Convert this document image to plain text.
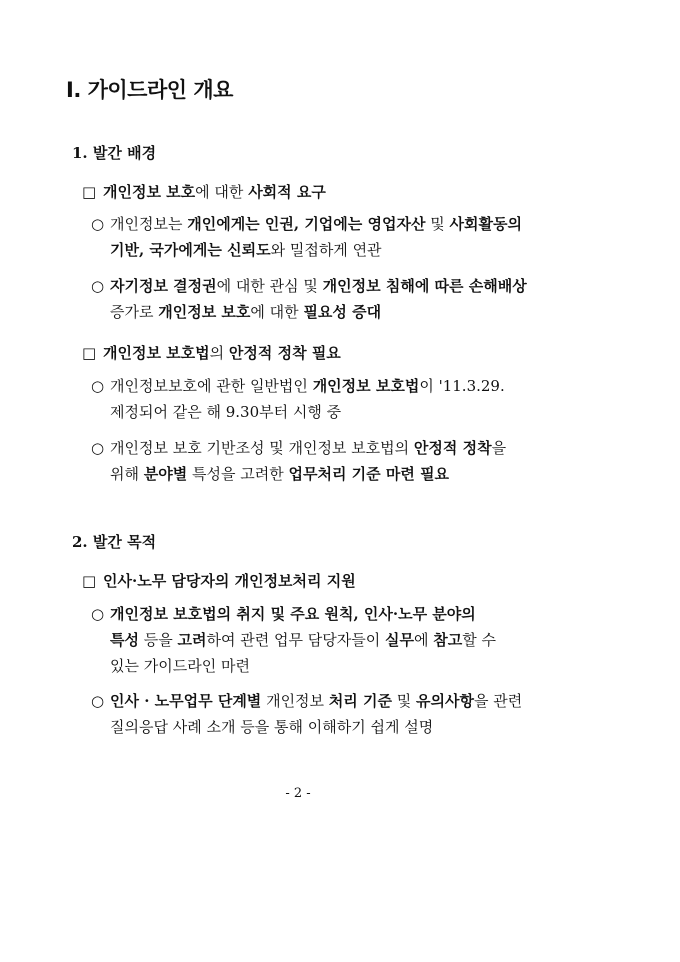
Ⅰ. 가이드라인 개요
1. 발간 배경
□ 개인정보 보호에 대한 사회적 요구
○ 개인정보는 개인에게는 인권, 기업에는 영업자산 및 사회활동의
기반, 국가에게는 신뢰도와 밀접하게 연관
○ 자기정보 결정권에 대한 관심 및 개인정보 침해에 따른 손해배상
증가로 개인정보 보호에 대한 필요성 증대
□ 개인정보 보호법의 안정적 정착 필요
○ 개인정보보호에 관한 일반법인 개인정보 보호법이 '11.3.29.
제정되어 같은 해 9.30부터 시행 중
○ 개인정보 보호 기반조성 및 개인정보 보호법의 안정적 정착을
위해 분야별 특성을 고려한 업무처리 기준 마련 필요
2. 발간 목적
□ 인사·노무 담당자의 개인정보처리 지원
○ 개인정보 보호법의 취지 및 주요 원칙, 인사·노무 분야의
특성 등을 고려하여 관련 업무 담당자들이 실무에 참고할 수
있는 가이드라인 마련
○ 인사 · 노무업무 단계별 개인정보 처리 기준 및 유의사항을 관련
질의응답 사례 소개 등을 통해 이해하기 쉽게 설명
- 2 -
